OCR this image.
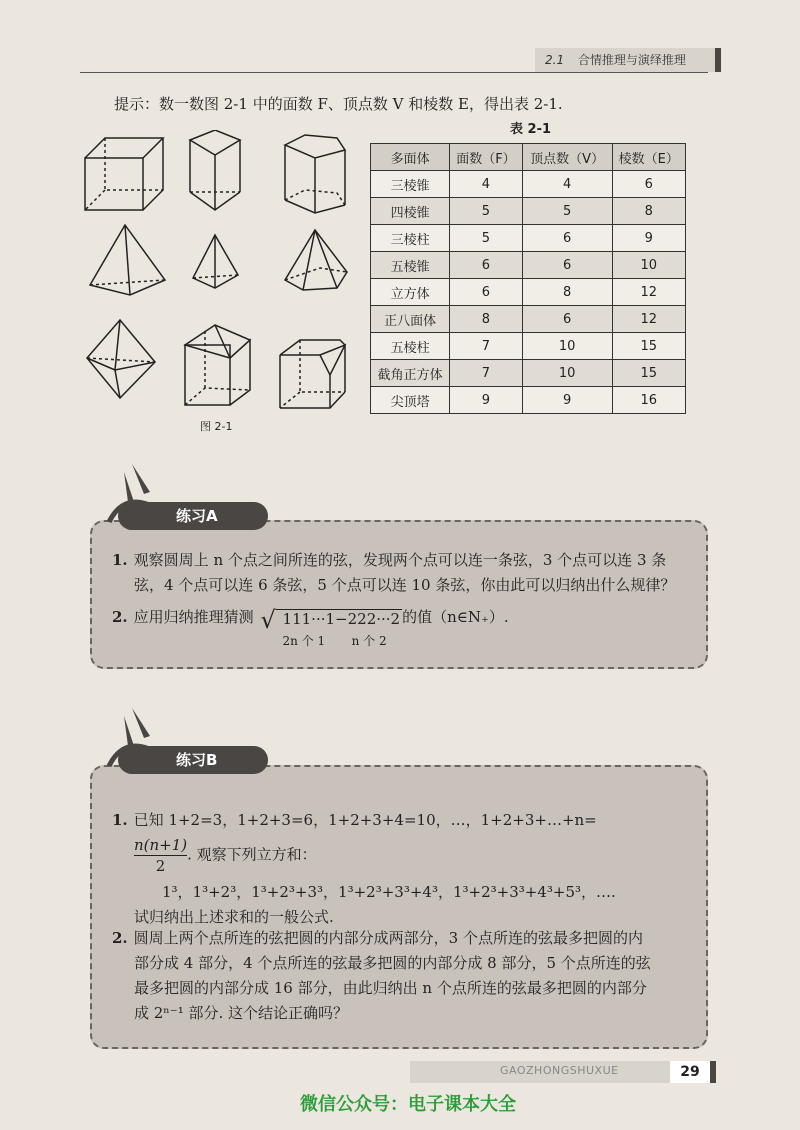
2.1 合情推理与演绎推理
提示：数一数图 2-1 中的面数 F、顶点数 V 和棱数 E，得出表 2-1.
图 2-1
表 2-1
多面体	面数（F）	顶点数（V）	棱数（E）
三棱锥	4	4	6
四棱锥	5	5	8
三棱柱	5	6	9
五棱锥	6	6	10
立方体	6	8	12
正八面体	8	6	12
五棱柱	7	10	15
截角正方体	7	10	15
尖顶塔	9	9	16
练习A
1. 观察圆周上 n 个点之间所连的弦，发现两个点可以连一条弦，3 个点可以连 3 条
弦，4 个点可以连 6 条弦，5 个点可以连 10 条弦，你由此可以归纳出什么规律？
2. 应用归纳推理猜测 √ 111···1
2n 个 1
−222···2
n 个 2
的值（n∈N₊）.
练习B
1. 已知 1+2=3，1+2+3=6，1+2+3+4=10，…，1+2+3+…+n=
$\frac{n(n+1)}{2}$ . 观察下列立方和：
1³，1³+2³，1³+2³+3³，1³+2³+3³+4³，1³+2³+3³+4³+5³，….
试归纳出上述求和的一般公式.
2. 圆周上两个点所连的弦把圆的内部分成两部分，3 个点所连的弦最多把圆的内
部分成 4 部分，4 个点所连的弦最多把圆的内部分成 8 部分，5 个点所连的弦
最多把圆的内部分成 16 部分，由此归纳出 n 个点所连的弦最多把圆的内部分
成 2ⁿ⁻¹ 部分. 这个结论正确吗？
GAOZHONGSHUXUE	29
微信公众号：电子课本大全
